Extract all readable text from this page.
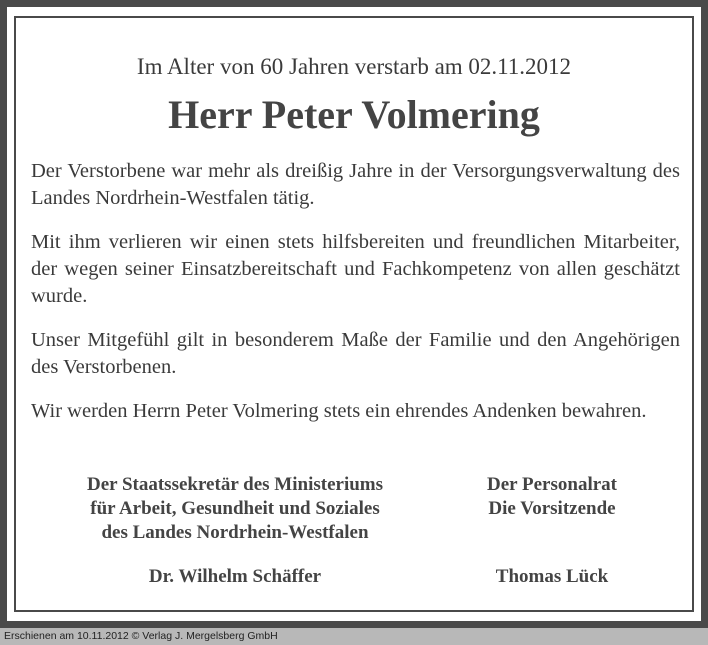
Im Alter von 60 Jahren verstarb am 02.11.2012
Herr Peter Volmering

Der Verstorbene war mehr als dreißig Jahre in der Versorgungsverwaltung des Landes Nordrhein-Westfalen tätig.

Mit ihm verlieren wir einen stets hilfsbereiten und freundlichen Mitarbeiter, der wegen seiner Einsatzbereitschaft und Fachkompetenz von allen geschätzt wurde.

Unser Mitgefühl gilt in besonderem Maße der Familie und den Angehörigen des Verstorbenen.

Wir werden Herrn Peter Volmering stets ein ehrendes Andenken bewahren.

Der Staatssekretär des Ministeriums
für Arbeit, Gesundheit und Soziales
des Landes Nordrhein-Westfalen
Der Personalrat
Die Vorsitzende
Dr. Wilhelm Schäffer	Thomas Lück
Erschienen am 10.11.2012 © Verlag J. Mergelsberg GmbH
